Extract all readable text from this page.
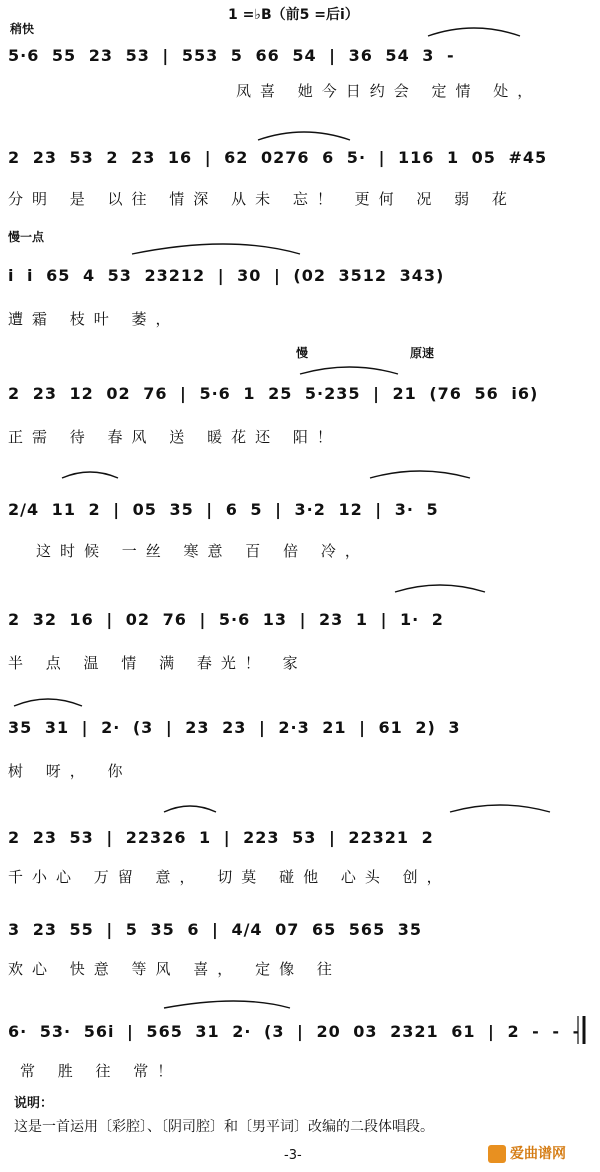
1 =♭B（前5 =后i̇）
稍快
慢一点
慢	原速
5·6 55 23 53 | 553 5 66 54 | 36 54 3 -
凤喜 她今日约会 定情 处，
2 23 53 2 23 16 | 62 0276 6 5· | 116 1 05 #45
分明 是 以往 情深 从未 忘！ 更何 况 弱 花
i i 65 4 53 23212 | 30 | (02 3512 343)
遭霜 枝叶 萎，
2 23 12 02 76 | 5·6 1 25 5·235 | 21 (76 56 i6)
正需 待 春风 送 暖花还 阳！
2/4 11 2 | 05 35 | 6 5 | 3·2 12 | 3· 5
这时候 一丝 寒意 百 倍 冷，
2 32 16 | 02 76 | 5·6 13 | 23 1 | 1· 2
半 点 温 情 满 春光！ 家
35 31 | 2· (3 | 23 23 | 2·3 21 | 61 2) 3
树 呀， 你
2 23 53 | 22326 1 | 223 53 | 22321 2
千小心 万留 意， 切莫 碰他 心头 创，
3 23 55 | 5 35 6 | 4/4 07 65 565 35
欢心 快意 等风 喜， 定像 往
6· 53· 56i | 565 31 2· (3 | 20 03 2321 61 | 2 - - -
常 胜 往 常！
说明：
这是一首运用〔彩腔〕、〔阴司腔〕和〔男平词〕改编的二段体唱段。
-3-	爱曲谱网
